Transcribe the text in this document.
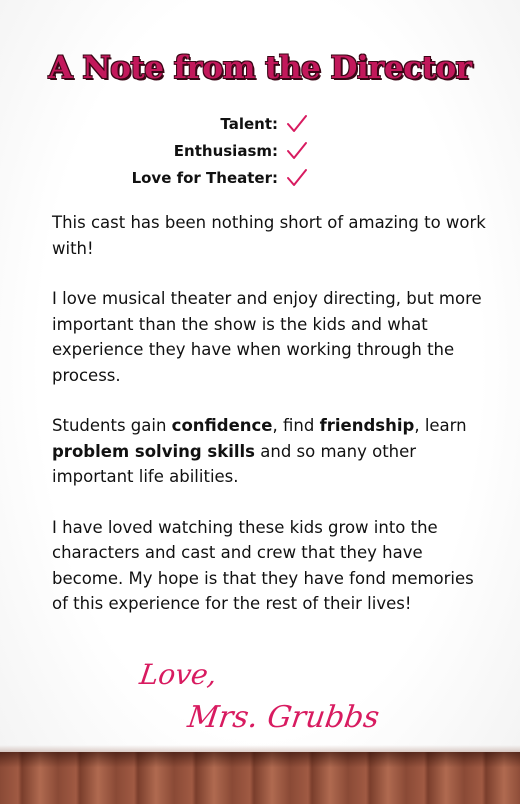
A Note from the Director
Talent:
Enthusiasm:
Love for Theater:

This cast has been nothing short of amazing to work with!

I love musical theater and enjoy directing, but more important than the show is the kids and what experience they have when working through the process.

Students gain confidence, find friendship, learn problem solving skills and so many other important life abilities.

I have loved watching these kids grow into the characters and cast and crew that they have become. My hope is that they have fond memories of this experience for the rest of their lives!

Love,
Mrs. Grubbs
